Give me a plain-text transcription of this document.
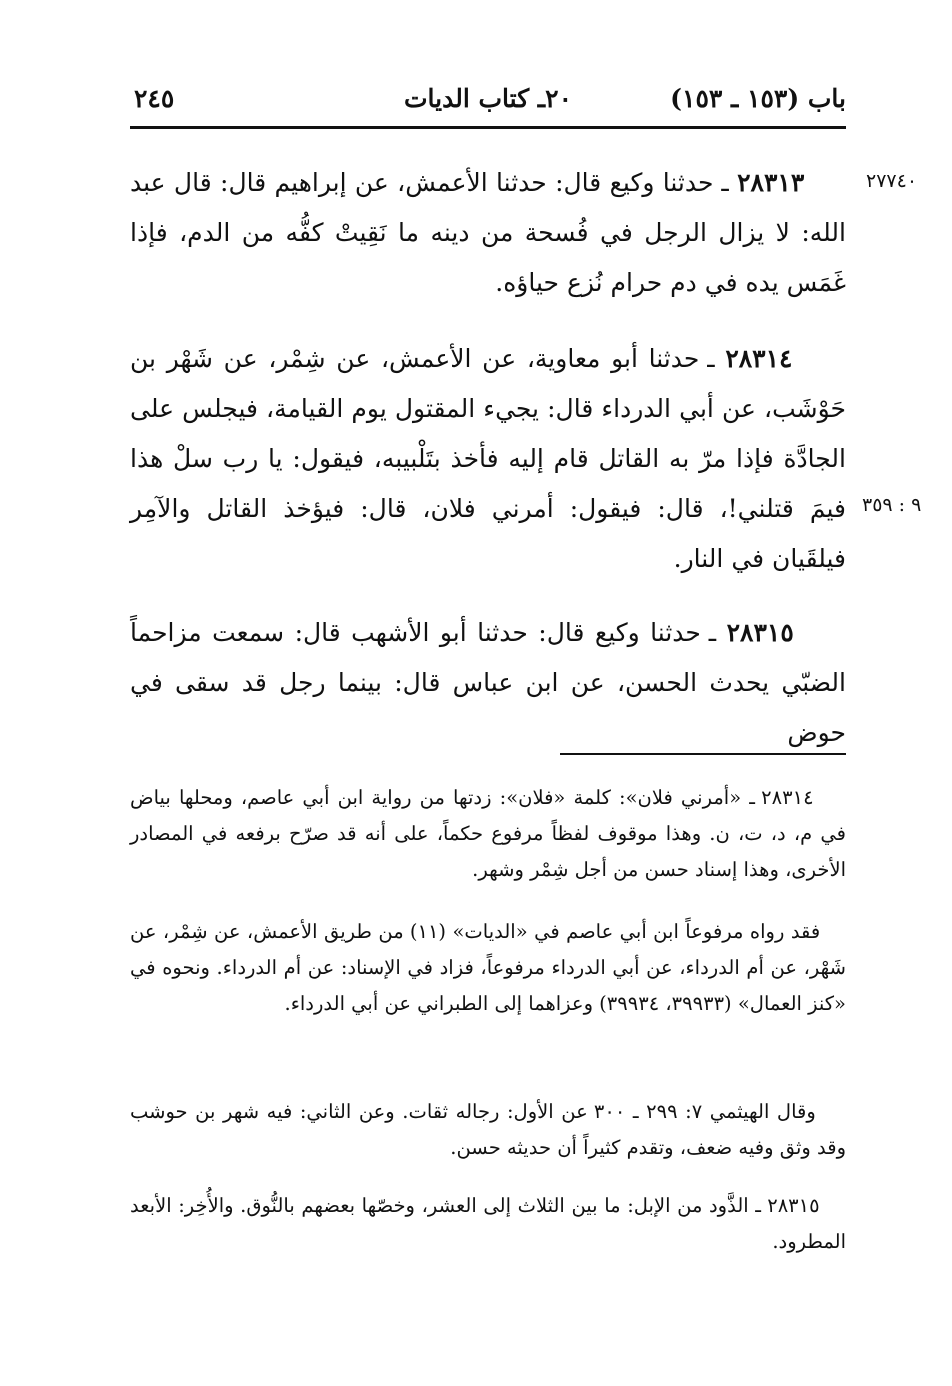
باب (١٥٣ ـ ١٥٣)
٢٠ـ كتاب الديات
٢٤٥
٢٧٧٤٠
٩ : ٣٥٩

٢٨٣١٣ ـ حدثنا وكيع قال: حدثنا الأعمش، عن إبراهيم قال: قال عبد الله: لا يزال الرجل في فُسحة من دينه ما نَقِيتْ كفُّه من الدم، فإذا غَمَس يده في دم حرام نُزع حياؤه.

٢٨٣١٤ ـ حدثنا أبو معاوية، عن الأعمش، عن شِمْر، عن شَهْر بن حَوْشَب، عن أبي الدرداء قال: يجيء المقتول يوم القيامة، فيجلس على الجادَّة فإذا مرّ به القاتل قام إليه فأخذ بتَلْبيبه، فيقول: يا رب سلْ هذا فيمَ قتلني!، قال: فيقول: أمرني فلان، قال: فيؤخذ القاتل والآمِر فيلقَيان في النار.

٢٨٣١٥ ـ حدثنا وكيع قال: حدثنا أبو الأشهب قال: سمعت مزاحماً الضبّي يحدث الحسن، عن ابن عباس قال: بينما رجل قد سقى في حوض

٢٨٣١٤ ـ «أمرني فلان»: كلمة «فلان»: زدتها من رواية ابن أبي عاصم، ومحلها بياض في م، د، ت، ن. وهذا موقوف لفظاً مرفوع حكماً، على أنه قد صرّح برفعه في المصادر الأخرى، وهذا إسناد حسن من أجل شِمْر وشهر.

فقد رواه مرفوعاً ابن أبي عاصم في «الديات» (١١) من طريق الأعمش، عن شِمْر، عن شَهْر، عن أم الدرداء، عن أبي الدرداء مرفوعاً، فزاد في الإسناد: عن أم الدرداء. ونحوه في «كنز العمال» (٣٩٩٣٣، ٣٩٩٣٤) وعزاهما إلى الطبراني عن أبي الدرداء.

وقال الهيثمي ٧: ٢٩٩ ـ ٣٠٠ عن الأول: رجاله ثقات. وعن الثاني: فيه شهر بن حوشب وقد وثق وفيه ضعف، وتقدم كثيراً أن حديثه حسن.

٢٨٣١٥ ـ الذَّود من الإبل: ما بين الثلاث إلى العشر، وخصّها بعضهم بالنُّوق. والأُخِر: الأبعد المطرود.
